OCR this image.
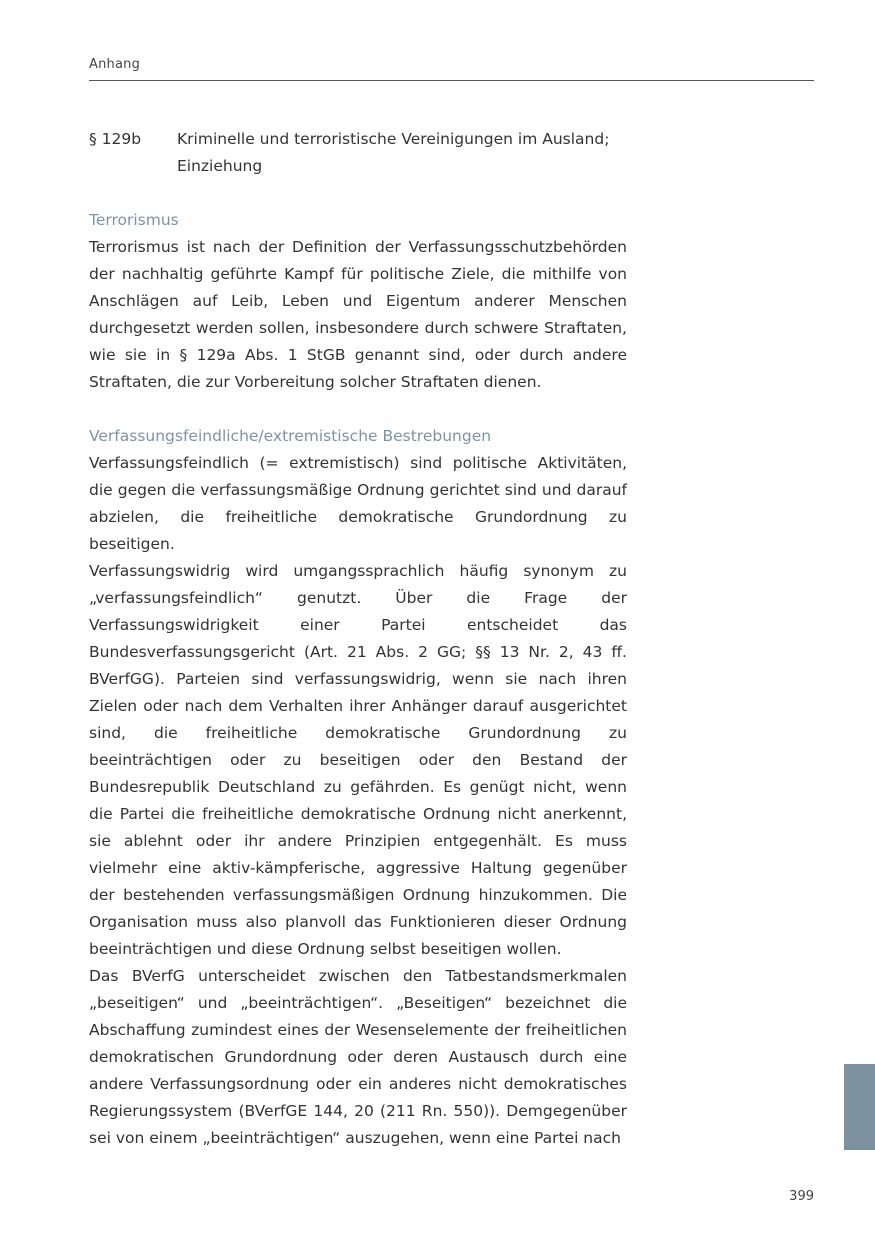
Anhang
§ 129b	Kriminelle und terroristische Vereinigungen im Ausland; Einziehung
Terrorismus

Terrorismus ist nach der Definition der Verfassungsschutzbehörden der nachhaltig geführte Kampf für politische Ziele, die mithilfe von Anschlägen auf Leib, Leben und Eigentum anderer Menschen durchgesetzt werden sollen, insbesondere durch schwere Straftaten, wie sie in § 129a Abs. 1 StGB genannt sind, oder durch andere Straftaten, die zur Vorbereitung solcher Straftaten dienen.

Verfassungsfeindliche/extremistische Bestrebungen

Verfassungsfeindlich (= extremistisch) sind politische Aktivitäten, die gegen die verfassungsmäßige Ordnung gerichtet sind und darauf abzielen, die freiheitliche demokratische Grundordnung zu beseitigen.

Verfassungswidrig wird umgangssprachlich häufig synonym zu „verfassungsfeindlich“ genutzt. Über die Frage der Verfassungswidrigkeit einer Partei entscheidet das Bundesverfassungsgericht (Art. 21 Abs. 2 GG; §§ 13 Nr. 2, 43 ff. BVerfGG). Parteien sind verfassungswidrig, wenn sie nach ihren Zielen oder nach dem Verhalten ihrer Anhänger darauf ausgerichtet sind, die freiheitliche demokratische Grundordnung zu beeinträchtigen oder zu beseitigen oder den Bestand der Bundesrepublik Deutschland zu gefährden. Es genügt nicht, wenn die Partei die freiheitliche demokratische Ordnung nicht anerkennt, sie ablehnt oder ihr andere Prinzipien entgegenhält. Es muss vielmehr eine aktiv-kämpferische, aggressive Haltung gegenüber der bestehenden verfassungsmäßigen Ordnung hinzukommen. Die Organisation muss also planvoll das Funktionieren dieser Ordnung beeinträchtigen und diese Ordnung selbst beseitigen wollen.

Das BVerfG unterscheidet zwischen den Tatbestandsmerkmalen „beseitigen“ und „beeinträchtigen“. „Beseitigen“ bezeichnet die Abschaffung zumindest eines der Wesenselemente der freiheitlichen demokratischen Grundordnung oder deren Austausch durch eine andere Verfassungsordnung oder ein anderes nicht demokratisches Regierungssystem (BVerfGE 144, 20 (211 Rn. 550)). Demgegenüber sei von einem „beeinträchtigen“ auszugehen, wenn eine Partei nach

399
